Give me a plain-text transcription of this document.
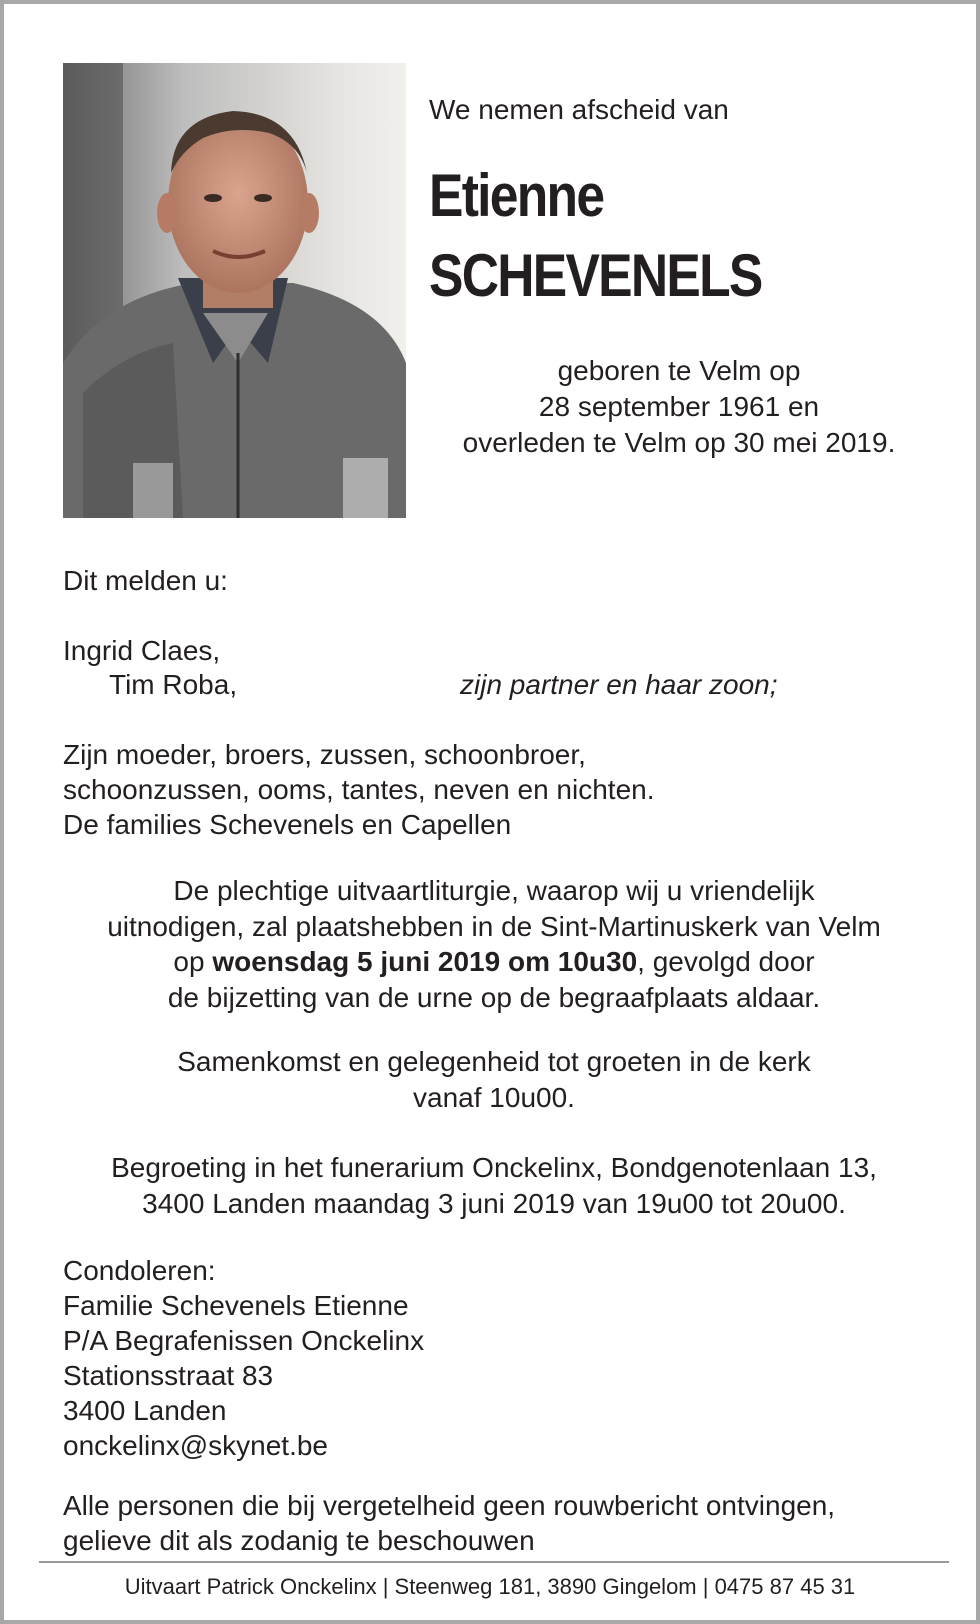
We nemen afscheid van
Etienne
SCHEVENELS
geboren te Velm op
28 september 1961 en
overleden te Velm op 30 mei 2019.
Dit melden u:
Ingrid Claes,
Tim Roba,	zijn partner en haar zoon;
Zijn moeder, broers, zussen, schoonbroer,
schoonzussen, ooms, tantes, neven en nichten.
De families Schevenels en Capellen
De plechtige uitvaartliturgie, waarop wij u vriendelijk
uitnodigen, zal plaatshebben in de Sint-Martinuskerk van Velm
op woensdag 5 juni 2019 om 10u30, gevolgd door
de bijzetting van de urne op de begraafplaats aldaar.
Samenkomst en gelegenheid tot groeten in de kerk
vanaf 10u00.
Begroeting in het funerarium Onckelinx, Bondgenotenlaan 13,
3400 Landen maandag 3 juni 2019 van 19u00 tot 20u00.
Condoleren:
Familie Schevenels Etienne
P/A Begrafenissen Onckelinx
Stationsstraat 83
3400 Landen
onckelinx@skynet.be
Alle personen die bij vergetelheid geen rouwbericht ontvingen,
gelieve dit als zodanig te beschouwen
Uitvaart Patrick Onckelinx | Steenweg 181, 3890 Gingelom | 0475 87 45 31
